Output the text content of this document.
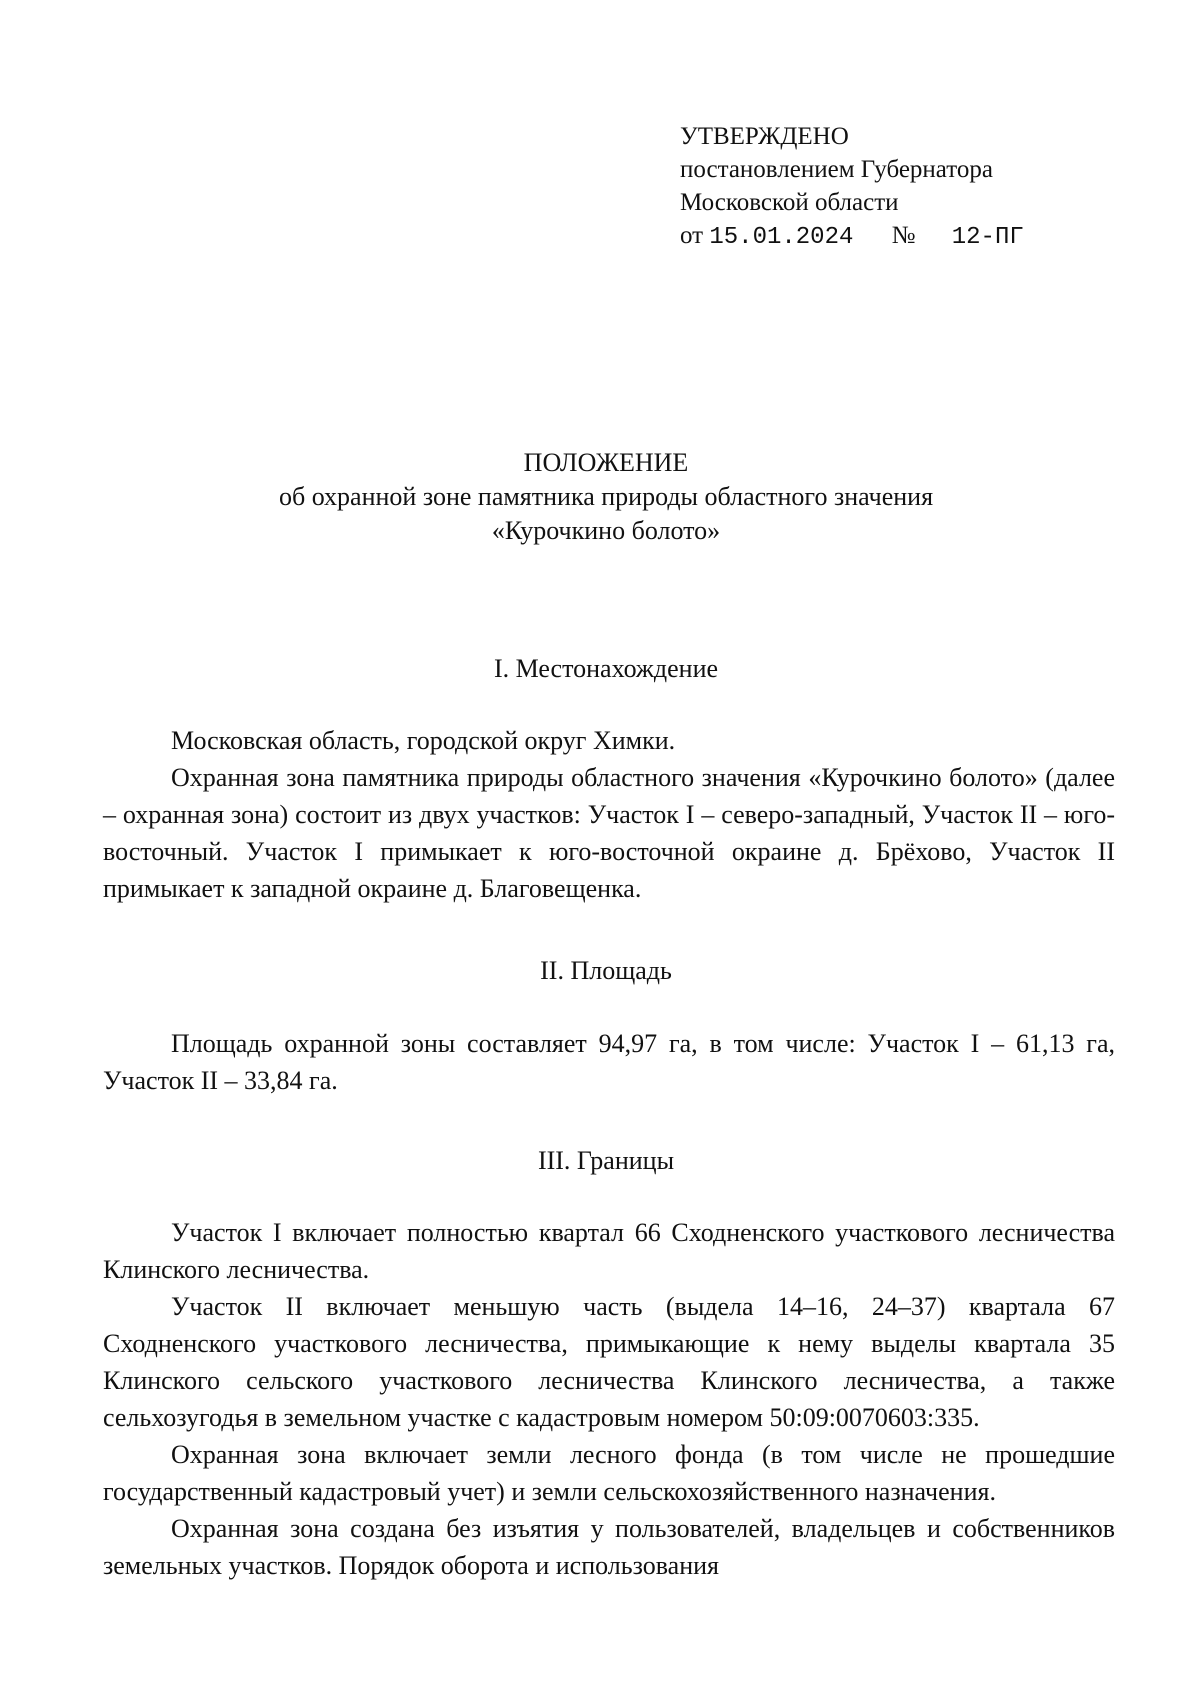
УТВЕРЖДЕНО
постановлением Губернатора
Московской области
от 15.01.2024 № 12-ПГ
ПОЛОЖЕНИЕ
об охранной зоне памятника природы областного значения
«Курочкино болото»
I. Местонахождение

Московская область, городской округ Химки.

Охранная зона памятника природы областного значения «Курочкино болото» (далее – охранная зона) состоит из двух участков: Участок I – северо-западный, Участок II – юго-восточный. Участок I примыкает к юго-восточной окраине д. Брёхово, Участок II примыкает к западной окраине д. Благовещенка.

II. Площадь

Площадь охранной зоны составляет 94,97 га, в том числе: Участок I – 61,13 га, Участок II – 33,84 га.

III. Границы

Участок I включает полностью квартал 66 Сходненского участкового лесничества Клинского лесничества.

Участок II включает меньшую часть (выдела 14–16, 24–37) квартала 67 Сходненского участкового лесничества, примыкающие к нему выделы квартала 35 Клинского сельского участкового лесничества Клинского лесничества, а также сельхозугодья в земельном участке с кадастровым номером 50:09:0070603:335.

Охранная зона включает земли лесного фонда (в том числе не прошедшие государственный кадастровый учет) и земли сельскохозяйственного назначения.

Охранная зона создана без изъятия у пользователей, владельцев и собственников земельных участков. Порядок оборота и использования
